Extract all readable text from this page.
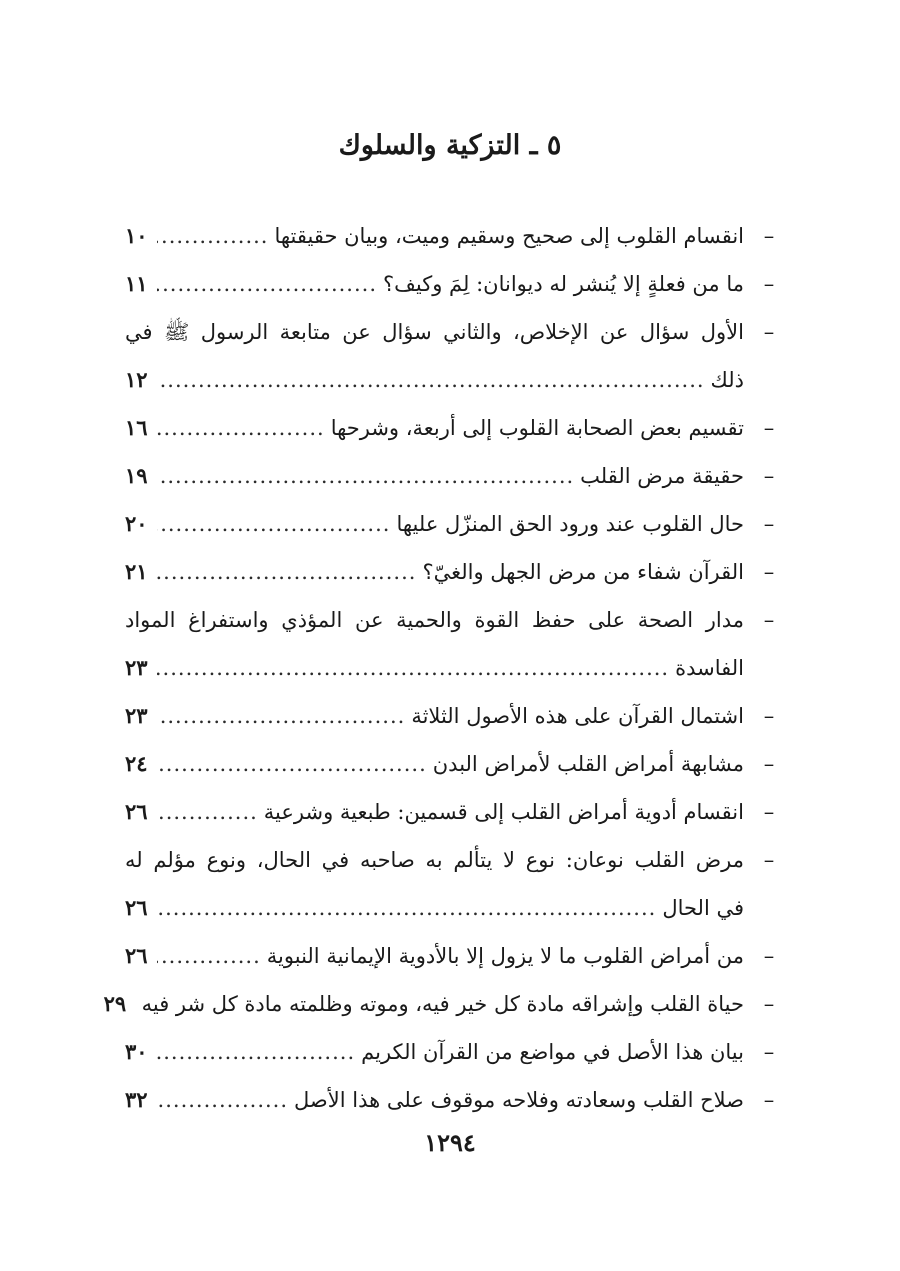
٥ ـ التزكية والسلوك
–
انقسام القلوب إلى صحيح وسقيم وميت، وبيان حقيقتها
.....
١٠
–
ما من فعلةٍ إلا يُنشر له ديوانان: لِمَ وكيف؟
.....
١١
–
الأول سؤال عن الإخلاص، والثاني سؤال عن متابعة الرسول ﷺ في
ذلك
.....
١٢
–
تقسيم بعض الصحابة القلوب إلى أربعة، وشرحها
.....
١٦
–
حقيقة مرض القلب
.....
١٩
–
حال القلوب عند ورود الحق المنزّل عليها
.....
٢٠
–
القرآن شفاء من مرض الجهل والغيّ؟
.....
٢١
–
مدار الصحة على حفظ القوة والحمية عن المؤذي واستفراغ المواد
الفاسدة
.....
٢٣
–
اشتمال القرآن على هذه الأصول الثلاثة
.....
٢٣
–
مشابهة أمراض القلب لأمراض البدن
.....
٢٤
–
انقسام أدوية أمراض القلب إلى قسمين: طبعية وشرعية
.....
٢٦
–
مرض القلب نوعان: نوع لا يتألم به صاحبه في الحال، ونوع مؤلم له
في الحال
.....
٢٦
–
من أمراض القلوب ما لا يزول إلا بالأدوية الإيمانية النبوية
.....
٢٦
–
حياة القلب وإشراقه مادة كل خير فيه، وموته وظلمته مادة كل شر فيه
٢٩
–
بيان هذا الأصل في مواضع من القرآن الكريم
.....
٣٠
–
صلاح القلب وسعادته وفلاحه موقوف على هذا الأصل
.....
٣٢
١٢٩٤
